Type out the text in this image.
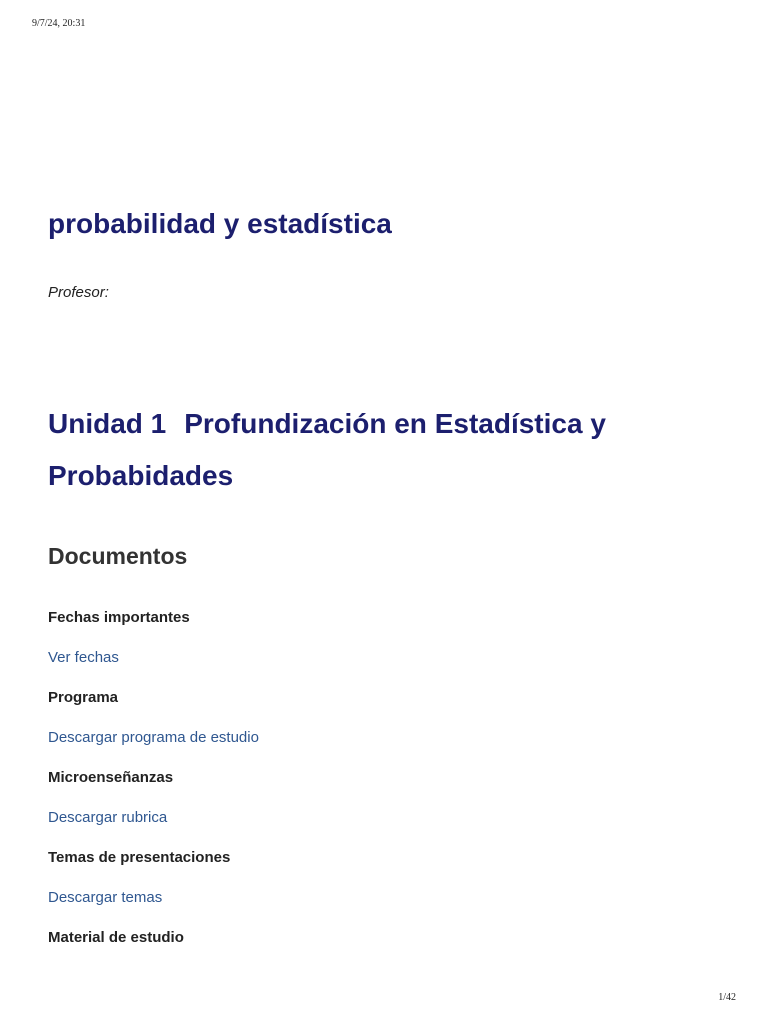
9/7/24, 20:31
probabilidad y estadística
Profesor:
Unidad 1 Profundización en Estadística y Probabidades
Documentos
Fechas importantes
Ver fechas
Programa
Descargar programa de estudio
Microenseñanzas
Descargar rubrica
Temas de presentaciones
Descargar temas
Material de estudio
1/42
